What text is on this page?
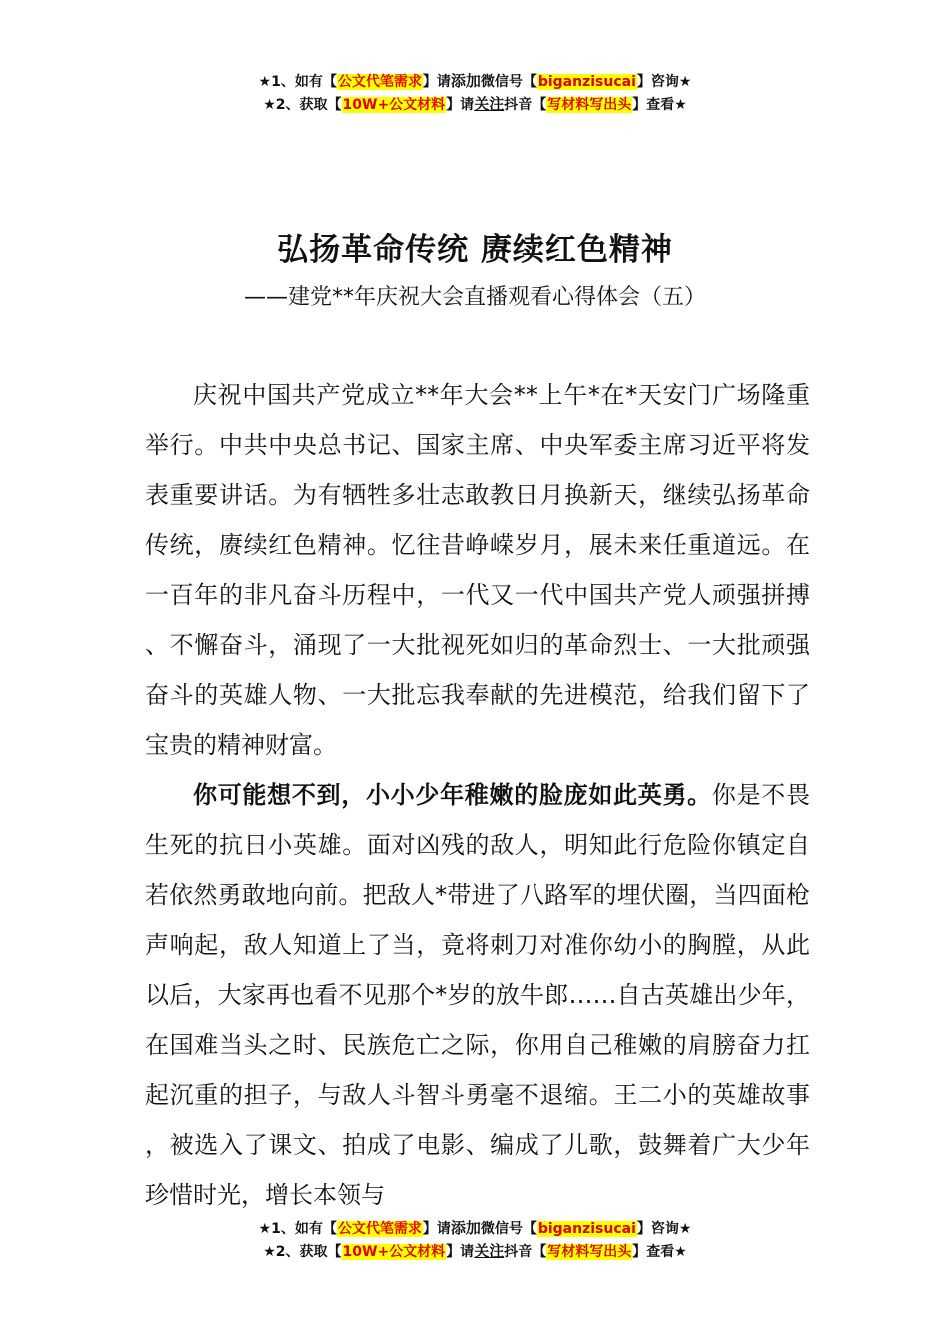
★1、如有【公文代笔需求】请添加微信号【biganzisucai】咨询★
★2、获取【10W+公文材料】请关注抖音【写材料写出头】查看★
弘扬革命传统 赓续红色精神
——建党**年庆祝大会直播观看心得体会（五）

庆祝中国共产党成立**年大会**上午*在*天安门广场隆重举行。中共中央总书记、国家主席、中央军委主席习近平将发表重要讲话。为有牺牲多壮志敢教日月换新天，继续弘扬革命传统，赓续红色精神。忆往昔峥嵘岁月，展未来任重道远。在一百年的非凡奋斗历程中，一代又一代中国共产党人顽强拼搏、不懈奋斗，涌现了一大批视死如归的革命烈士、一大批顽强奋斗的英雄人物、一大批忘我奉献的先进模范，给我们留下了宝贵的精神财富。

你可能想不到，小小少年稚嫩的脸庞如此英勇。你是不畏生死的抗日小英雄。面对凶残的敌人，明知此行危险你镇定自若依然勇敢地向前。把敌人*带进了八路军的埋伏圈，当四面枪声响起，敌人知道上了当，竟将刺刀对准你幼小的胸膛，从此以后，大家再也看不见那个*岁的放牛郎……自古英雄出少年，在国难当头之时、民族危亡之际，你用自己稚嫩的肩膀奋力扛起沉重的担子，与敌人斗智斗勇毫不退缩。王二小的英雄故事，被选入了课文、拍成了电影、编成了儿歌，鼓舞着广大少年珍惜时光，增长本领与

★1、如有【公文代笔需求】请添加微信号【biganzisucai】咨询★
★2、获取【10W+公文材料】请关注抖音【写材料写出头】查看★
